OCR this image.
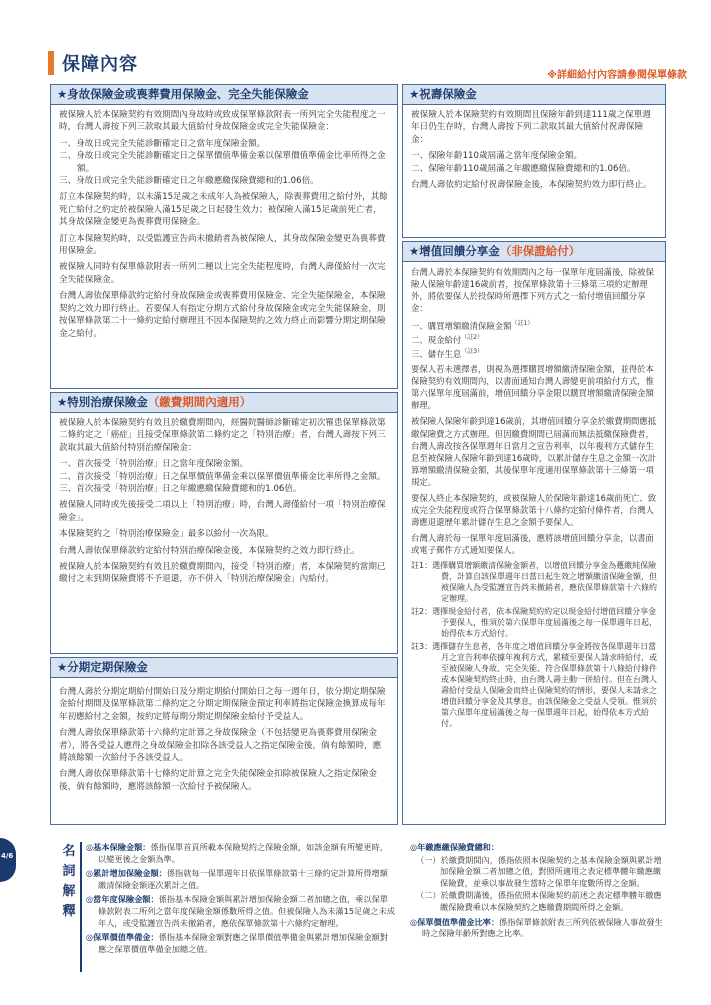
保障內容
※詳細給付內容請參閱保單條款
★身故保險金或喪葬費用保險金、完全失能保險金

被保險人於本保險契約有效期間內身故時或致成保單條款附表一所列完全失能程度之一時，台灣人壽按下列三款取其最大值給付身故保險金或完全失能保險金：

一、身故日或完全失能診斷確定日之當年度保險金額。

二、身故日或完全失能診斷確定日之保單價值準備金乘以保單價值準備金比率所得之金額。

三、身故日或完全失能診斷確定日之年繳應繳保險費總和的1.06倍。

訂立本保險契約時，以未滿15足歲之未成年人為被保險人，除喪葬費用之給付外，其餘死亡給付之約定於被保險人滿15足歲之日起發生效力；被保險人滿15足歲前死亡者，其身故保險金變更為喪葬費用保險金。

訂立本保險契約時，以受監護宣告尚未撤銷者為被保險人，其身故保險金變更為喪葬費用保險金。

被保險人同時有保單條款附表一所列二種以上完全失能程度時，台灣人壽僅給付一次完全失能保險金。

台灣人壽依保單條款約定給付身故保險金或喪葬費用保險金、完全失能保險金，本保險契約之效力即行終止。若要保人有指定分期方式給付身故保險金或完全失能保險金，則按保單條款第二十一條約定給付辦理且不因本保險契約之效力終止而影響分期定期保險金之給付。

★特別治療保險金（繳費期間內適用）

被保險人於本保險契約有效且於繳費期間內，經醫院醫師診斷確定初次罹患保單條款第二條約定之「癌症」且接受保單條款第二條約定之「特別治療」者，台灣人壽按下列三款取其最大值給付特別治療保險金：

一、首次接受「特別治療」日之當年度保險金額。

二、首次接受「特別治療」日之保單價值準備金乘以保單價值準備金比率所得之金額。

三、首次接受「特別治療」日之年繳應繳保險費總和的1.06倍。

被保險人同時或先後接受二項以上「特別治療」時，台灣人壽僅給付一項「特別治療保險金」。

本保險契約之「特別治療保險金」最多以給付一次為限。

台灣人壽依保單條款約定給付特別治療保險金後，本保險契約之效力即行終止。

被保險人於本保險契約有效且於繳費期間內，接受「特別治療」者，本保險契約當期已繳付之未到期保險費將不予退還，亦不併入「特別治療保險金」內給付。

★分期定期保險金

台灣人壽於分期定期給付開始日及分期定期給付開始日之每一週年日，依分期定期保險金給付期間及保單條款第二條約定之分期定期保險金預定利率將指定保險金換算成每年年初應給付之金額，按約定將每期分期定期保險金給付予受益人。

台灣人壽依保單條款第十六條約定計算之身故保險金（不包括變更為喪葬費用保險金者），將各受益人應得之身故保險金扣除各該受益人之指定保險金後，倘有餘額時，應將該餘額一次給付予各該受益人。

台灣人壽依保單條款第十七條約定計算之完全失能保險金扣除被保險人之指定保險金後，倘有餘額時，應將該餘額一次給付予被保險人。

★祝壽保險金

被保險人於本保險契約有效期間且保險年齡到達111歲之保單週年日仍生存時，台灣人壽按下列二款取其最大值給付祝壽保險金：

一、保險年齡110歲屆滿之當年度保險金額。

二、保險年齡110歲屆滿之年繳應繳保險費總和的1.06倍。

台灣人壽依約定給付祝壽保險金後，本保險契約效力即行終止。

★增值回饋分享金（非保證給付）

台灣人壽於本保險契約有效期間內之每一保單年度屆滿後，除被保險人保險年齡達16歲前者，按保單條款第十三條第三項約定辦理外，將依要保人於投保時所選擇下列方式之一給付增值回饋分享金：

一、購買增額繳清保險金額$^{(註1)}$

二、現金給付$^{(註2)}$

三、儲存生息$^{(註3)}$

要保人若未選擇者，則視為選擇購買增額繳清保險金額，並得於本保險契約有效期間內，以書面通知台灣人壽變更前項給付方式，惟第六保單年度屆滿前，增值回饋分享金限以購買增額繳清保險金額辦理。

被保險人保險年齡到達16歲前，其增值回饋分享金於繳費期間應抵繳保險費之方式辦理。但因繳費期間已屆滿而無法抵繳保險費者，台灣人壽改按各保單週年日當月之宣告利率，以年複利方式儲存生息至被保險人保險年齡到達16歲時，以累計儲存生息之金額一次計算增額繳清保險金額，其後保單年度適用保單條款第十三條第一項規定。

要保人終止本保險契約，或被保險人於保險年齡達16歲前死亡、致成完全失能程度或符合保單條款第十八條約定給付條件者，台灣人壽應退還歷年累計儲存生息之金額予要保人。

台灣人壽於每一保單年度屆滿後，應將該增值回饋分享金，以書面或電子郵件方式通知要保人。

註1：選擇購買增額繳清保險金額者，以增值回饋分享金為躉繳純保險費，計算自該保單週年日當日起生效之增額繳清保險金額，但被保險人為受監護宣告尚未撤銷者，應依保單條款第十六條約定辦理。

註2：選擇現金給付者，依本保險契約約定以現金給付增值回饋分享金予要保人，惟須於第六保單年度屆滿後之每一保單週年日起，始得依本方式給付。

註3：選擇儲存生息者，各年度之增值回饋分享金將按各保單週年日當月之宣告利率依據年複利方式，累積至要保人請求時給付，或至被保險人身故、完全失能、符合保單條款第十八條給付條件或本保險契約終止時，由台灣人壽主動一併給付。但在台灣人壽給付受益人保險金而終止保險契約的情形，要保人未請求之增值回饋分享金及其孳息，由該保險金之受益人受領。惟須於第六保單年度屆滿後之每一保單週年日起，始得依本方式給付。

4/6	名
詞
解
釋

◎基本保險金額：係指保單首頁所載本保險契約之保險金額，如該金額有所變更時，以變更後之金額為準。

◎累計增加保險金額：係指就每一保單週年日依保單條款第十三條約定計算所得增額繳清保險金額逐次累計之值。

◎當年度保險金額：係指基本保險金額與累計增加保險金額二者加總之值，乘以保單條款附表二所列之當年度保險金額係數所得之值。但被保險人為未滿15足歲之未成年人，或受監護宣告尚未撤銷者，應依保單條款第十六條約定辦理。

◎保單價值準備金：係指基本保險金額對應之保單價值準備金與累計增加保險金額對應之保單價值準備金加總之值。

◎年繳應繳保險費總和：

（一）於繳費期間內，係指依照本保險契約之基本保險金額與累計增加保險金額二者加總之值，對照所適用之表定標準體年繳應繳保險費，並乘以事故發生當時之保單年度數所得之金額。

（二）於繳費期滿後，係指依照本保險契約前述之表定標準體年繳應繳保險費乘以本保險契約之應繳費期間所得之金額。

◎保單價值準備金比率：係指保單條款附表三所列依被保險人事故發生時之保險年齡所對應之比率。
